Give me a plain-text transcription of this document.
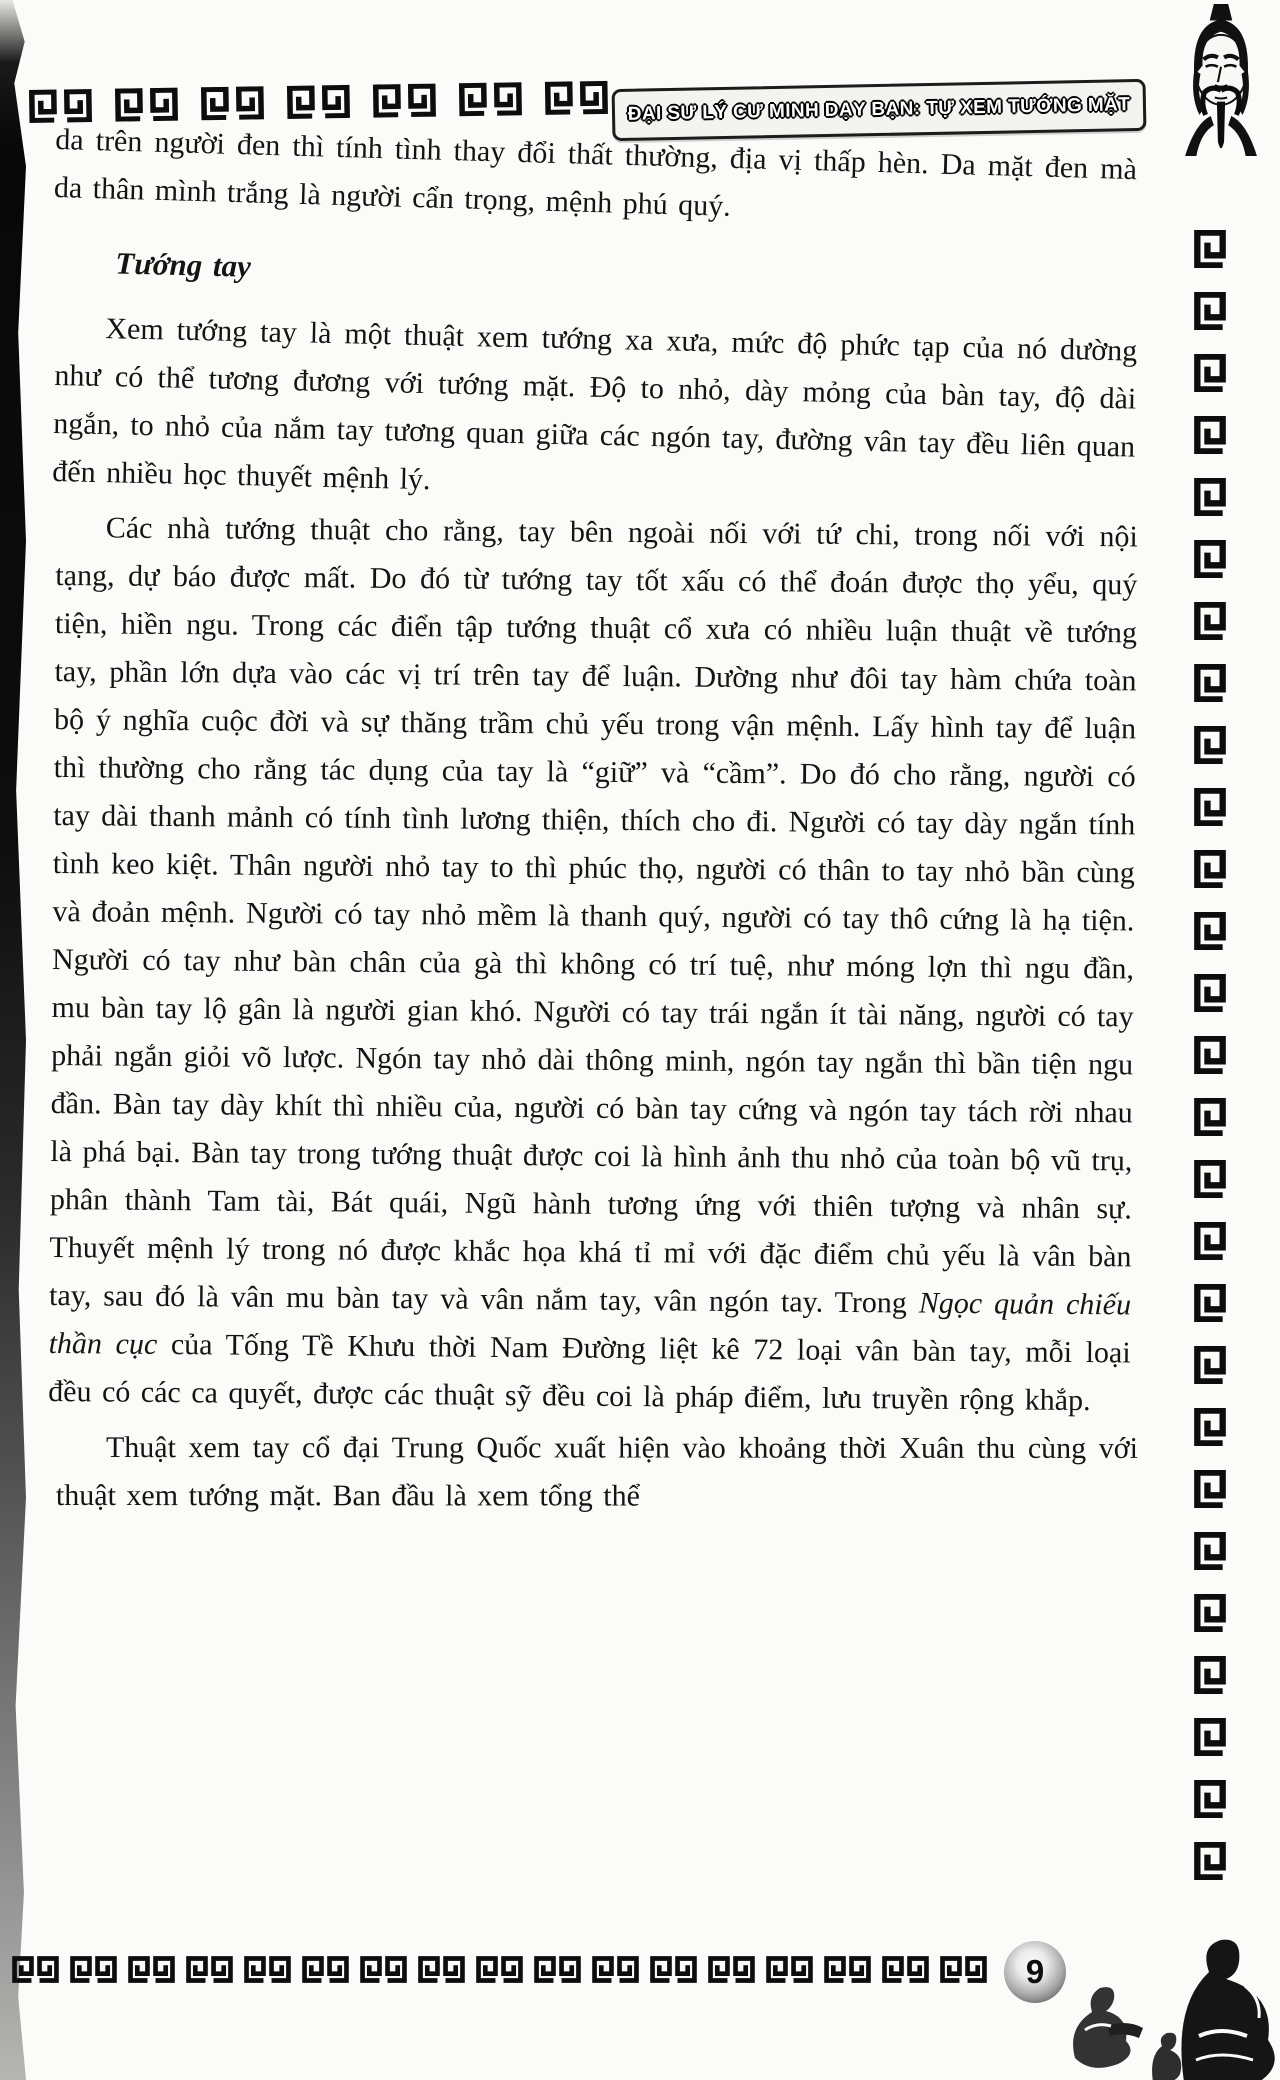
ĐẠI SƯ LÝ CƯ MINH DẠY BẠN: TỰ XEM TƯỚNG MẶT

da trên người đen thì tính tình thay đổi thất thường, địa vị thấp hèn. Da mặt đen mà da thân mình trắng là người cẩn trọng, mệnh phú quý.

Tướng tay

Xem tướng tay là một thuật xem tướng xa xưa, mức độ phức tạp của nó dường như có thể tương đương với tướng mặt. Độ to nhỏ, dày mỏng của bàn tay, độ dài ngắn, to nhỏ của nắm tay tương quan giữa các ngón tay, đường vân tay đều liên quan đến nhiều học thuyết mệnh lý.

Các nhà tướng thuật cho rằng, tay bên ngoài nối với tứ chi, trong nối với nội tạng, dự báo được mất. Do đó từ tướng tay tốt xấu có thể đoán được thọ yểu, quý tiện, hiền ngu. Trong các điển tập tướng thuật cổ xưa có nhiều luận thuật về tướng tay, phần lớn dựa vào các vị trí trên tay để luận. Dường như đôi tay hàm chứa toàn bộ ý nghĩa cuộc đời và sự thăng trầm chủ yếu trong vận mệnh. Lấy hình tay để luận thì thường cho rằng tác dụng của tay là “giữ” và “cầm”. Do đó cho rằng, người có tay dài thanh mảnh có tính tình lương thiện, thích cho đi. Người có tay dày ngắn tính tình keo kiệt. Thân người nhỏ tay to thì phúc thọ, người có thân to tay nhỏ bần cùng và đoản mệnh. Người có tay nhỏ mềm là thanh quý, người có tay thô cứng là hạ tiện. Người có tay như bàn chân của gà thì không có trí tuệ, như móng lợn thì ngu đần, mu bàn tay lộ gân là người gian khó. Người có tay trái ngắn ít tài năng, người có tay phải ngắn giỏi võ lược. Ngón tay nhỏ dài thông minh, ngón tay ngắn thì bần tiện ngu đần. Bàn tay dày khít thì nhiều của, người có bàn tay cứng và ngón tay tách rời nhau là phá bại. Bàn tay trong tướng thuật được coi là hình ảnh thu nhỏ của toàn bộ vũ trụ, phân thành Tam tài, Bát quái, Ngũ hành tương ứng với thiên tượng và nhân sự. Thuyết mệnh lý trong nó được khắc họa khá tỉ mỉ với đặc điểm chủ yếu là vân bàn tay, sau đó là vân mu bàn tay và vân nắm tay, vân ngón tay. Trong Ngọc quản chiếu thần cục của Tống Tề Khưu thời Nam Đường liệt kê 72 loại vân bàn tay, mỗi loại đều có các ca quyết, được các thuật sỹ đều coi là pháp điểm, lưu truyền rộng khắp.

Thuật xem tay cổ đại Trung Quốc xuất hiện vào khoảng thời Xuân thu cùng với thuật xem tướng mặt. Ban đầu là xem tổng thể

9
